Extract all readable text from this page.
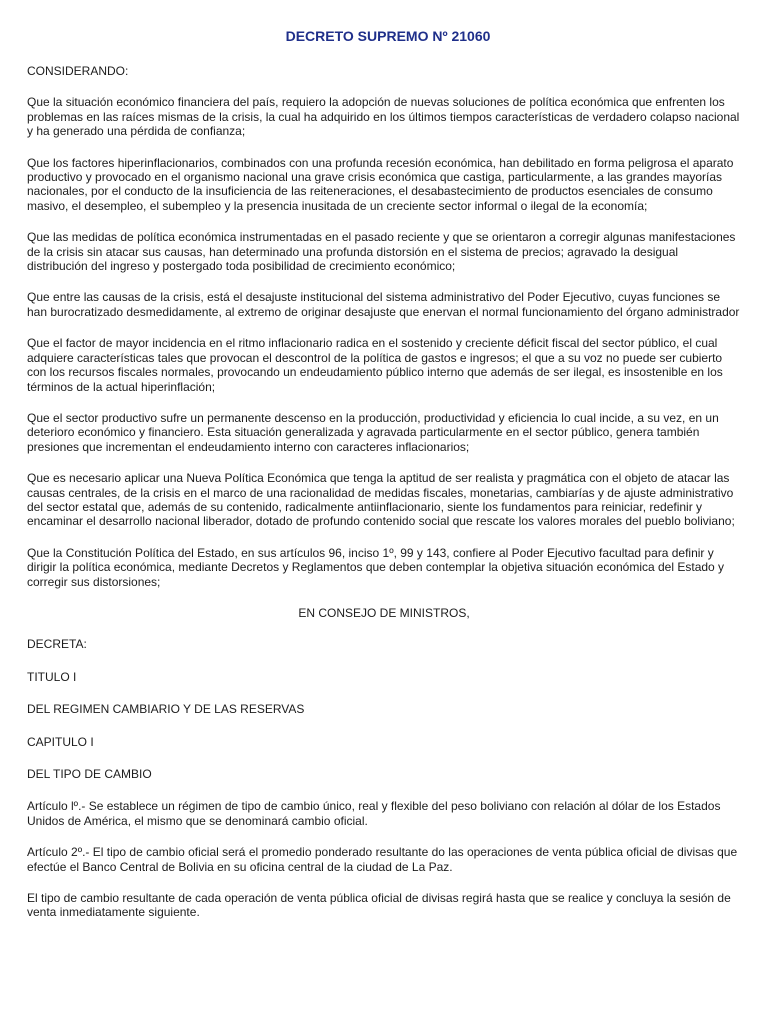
DECRETO SUPREMO Nº 21060
CONSIDERANDO:
Que la situación económico financiera del país, requiero la adopción de nuevas soluciones de política económica que enfrenten los problemas en las raíces mismas de la crisis, la cual ha adquirido en los últimos tiempos características de verdadero colapso nacional y ha generado una pérdida de confianza;
Que los factores hiperinflacionarios, combinados con una profunda recesión económica, han debilitado en forma peligrosa el aparato productivo y provocado en el organismo nacional una grave crisis económica que castiga, particularmente, a las grandes mayorías nacionales, por el conducto de la insuficiencia de las reiteneraciones, el desabastecimiento de productos esenciales de consumo masivo, el desempleo, el subempleo y la presencia inusitada de un creciente sector informal o ilegal de la economía;
Que las medidas de política económica instrumentadas en el pasado reciente y que se orientaron a corregir algunas manifestaciones de la crisis sin atacar sus causas, han determinado una profunda distorsión en el sistema de precios; agravado la desigual distribución del ingreso y postergado toda posibilidad de crecimiento económico;
Que entre las causas de la crisis, está el desajuste institucional del sistema administrativo del Poder Ejecutivo, cuyas funciones se han burocratizado desmedidamente, al extremo de originar desajuste que enervan el normal funcionamiento del órgano administrador
Que el factor de mayor incidencia en el ritmo inflacionario radica en el sostenido y creciente déficit fiscal del sector público, el cual adquiere características tales que provocan el descontrol de la política de gastos e ingresos; el que a su voz no puede ser cubierto con los recursos fiscales normales, provocando un endeudamiento público interno que además de ser ilegal, es insostenible en los términos de la actual hiperinflación;
Que el sector productivo sufre un permanente descenso en la producción, productividad y eficiencia lo cual incide, a su vez, en un deterioro económico y financiero. Esta situación generalizada y agravada particularmente en el sector público, genera también presiones que incrementan el endeudamiento interno con caracteres inflacionarios;
Que es necesario aplicar una Nueva Política Económica que tenga la aptitud de ser realista y pragmática con el objeto de atacar las causas centrales, de la crisis en el marco de una racionalidad de medidas fiscales, monetarias, cambiarías y de ajuste administrativo del sector estatal que, además de su contenido, radicalmente antiinflacionario, siente los fundamentos para reiniciar, redefinir y encaminar el desarrollo nacional liberador, dotado de profundo contenido social que rescate los valores morales del pueblo boliviano;
Que la Constitución Política del Estado, en sus artículos 96, inciso 1º, 99 y 143, confiere al Poder Ejecutivo facultad para definir y dirigir la política económica, mediante Decretos y Reglamentos que deben contemplar la objetiva situación económica del Estado y corregir sus distorsiones;
EN CONSEJO DE MINISTROS,
DECRETA:
TITULO I
DEL REGIMEN CAMBIARIO Y DE LAS RESERVAS
CAPITULO I
DEL TIPO DE CAMBIO
Artículo lº.- Se establece un régimen de tipo de cambio único, real y flexible del peso boliviano con relación al dólar de los Estados Unidos de América, el mismo que se denominará cambio oficial.
Artículo 2º.- El tipo de cambio oficial será el promedio ponderado resultante do las operaciones de venta pública oficial de divisas que efectúe el Banco Central de Bolivia en su oficina central de la ciudad de La Paz.
El tipo de cambio resultante de cada operación de venta pública oficial de divisas regirá hasta que se realice y concluya la sesión de venta inmediatamente siguiente.
